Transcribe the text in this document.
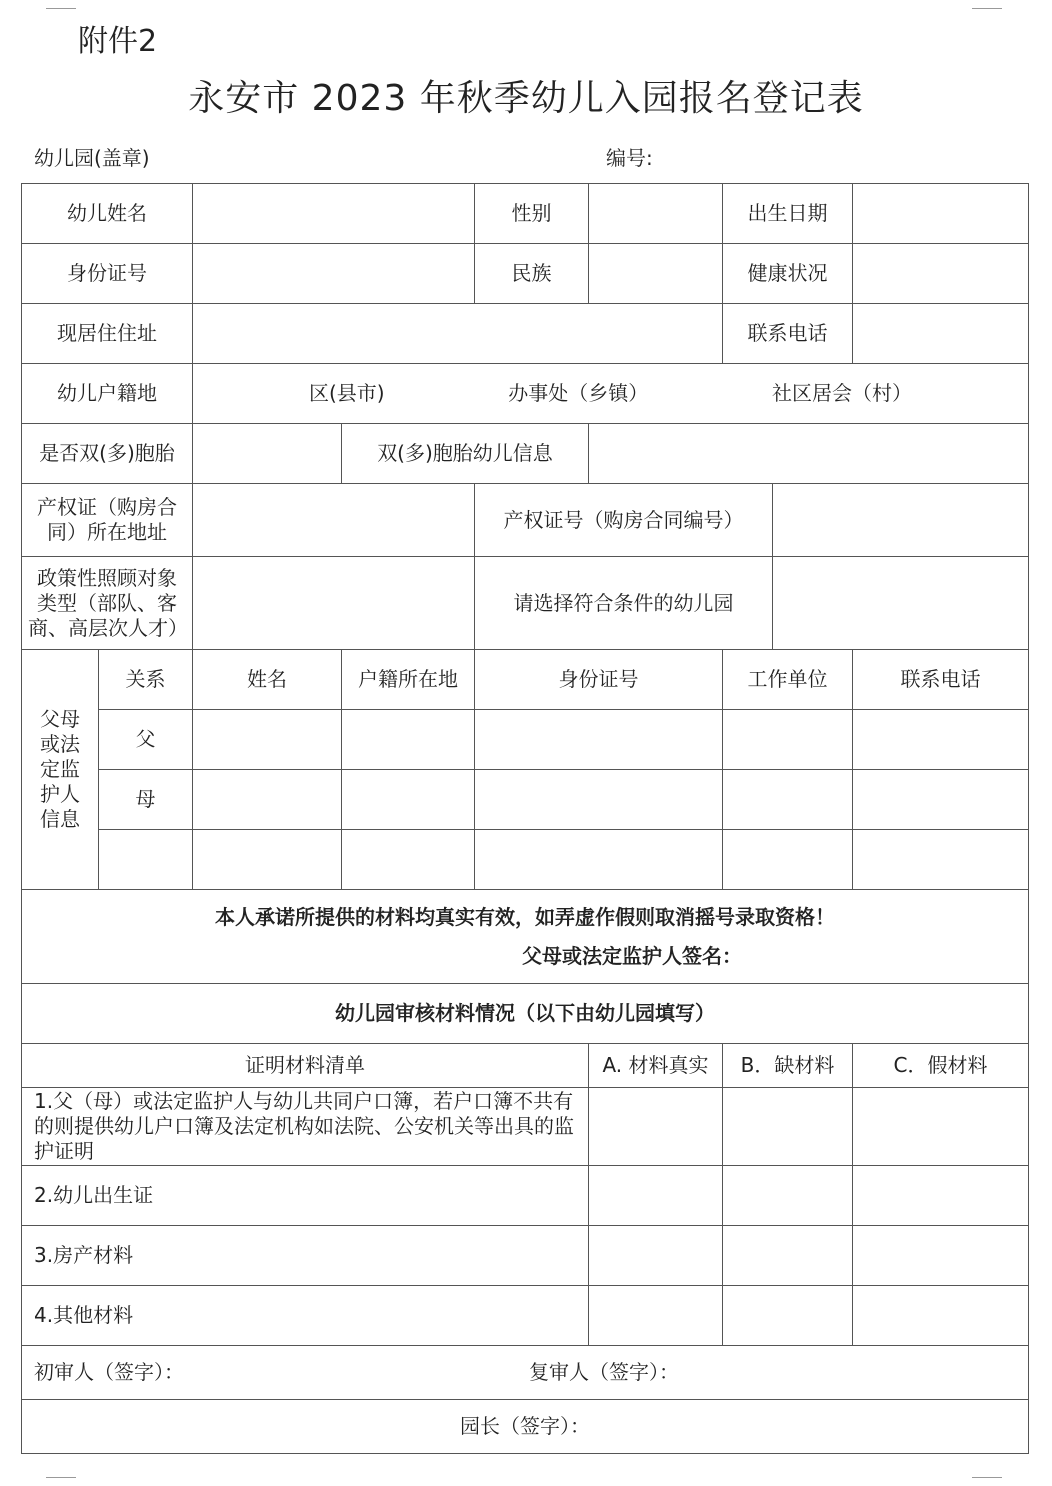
附件2
永安市 2023 年秋季幼儿入园报名登记表
幼儿园(盖章)	编号:
幼儿姓名				性别		出生日期		
身份证号				民族		健康状况		
现居住住址						联系电话		
幼儿户籍地		区(县市) 办事处（乡镇） 社区居会（村）						

是否双(多)胞胎			双(多)胞胎幼儿信息					
产权证（购房合同）所在地址				产权证号（购房合同编号）				
政策性照顾对象类型（部队、客商、高层次人才）				请选择符合条件的幼儿园				

父母或法定监护人信息	关系	姓名	户籍所在地	身份证号		工作单位		联系电话
	父							
	母							

本人承诺所提供的材料均真实有效，如弄虚作假则取消摇号录取资格！
父母或法定监护人签名：								

幼儿园审核材料情况（以下由幼儿园填写）								
证明材料清单					A. 材料真实	B．缺材料		C．假材料
1.父（母）或法定监护人与幼儿共同户口簿，若户口簿不共有的则提供幼儿户口簿及法定机构如法院、公安机关等出具的监护证明								
2.幼儿出生证								
3.房产材料								
4.其他材料								

初审人（签字）： 复审人（签字）：								

园长（签字）：								
